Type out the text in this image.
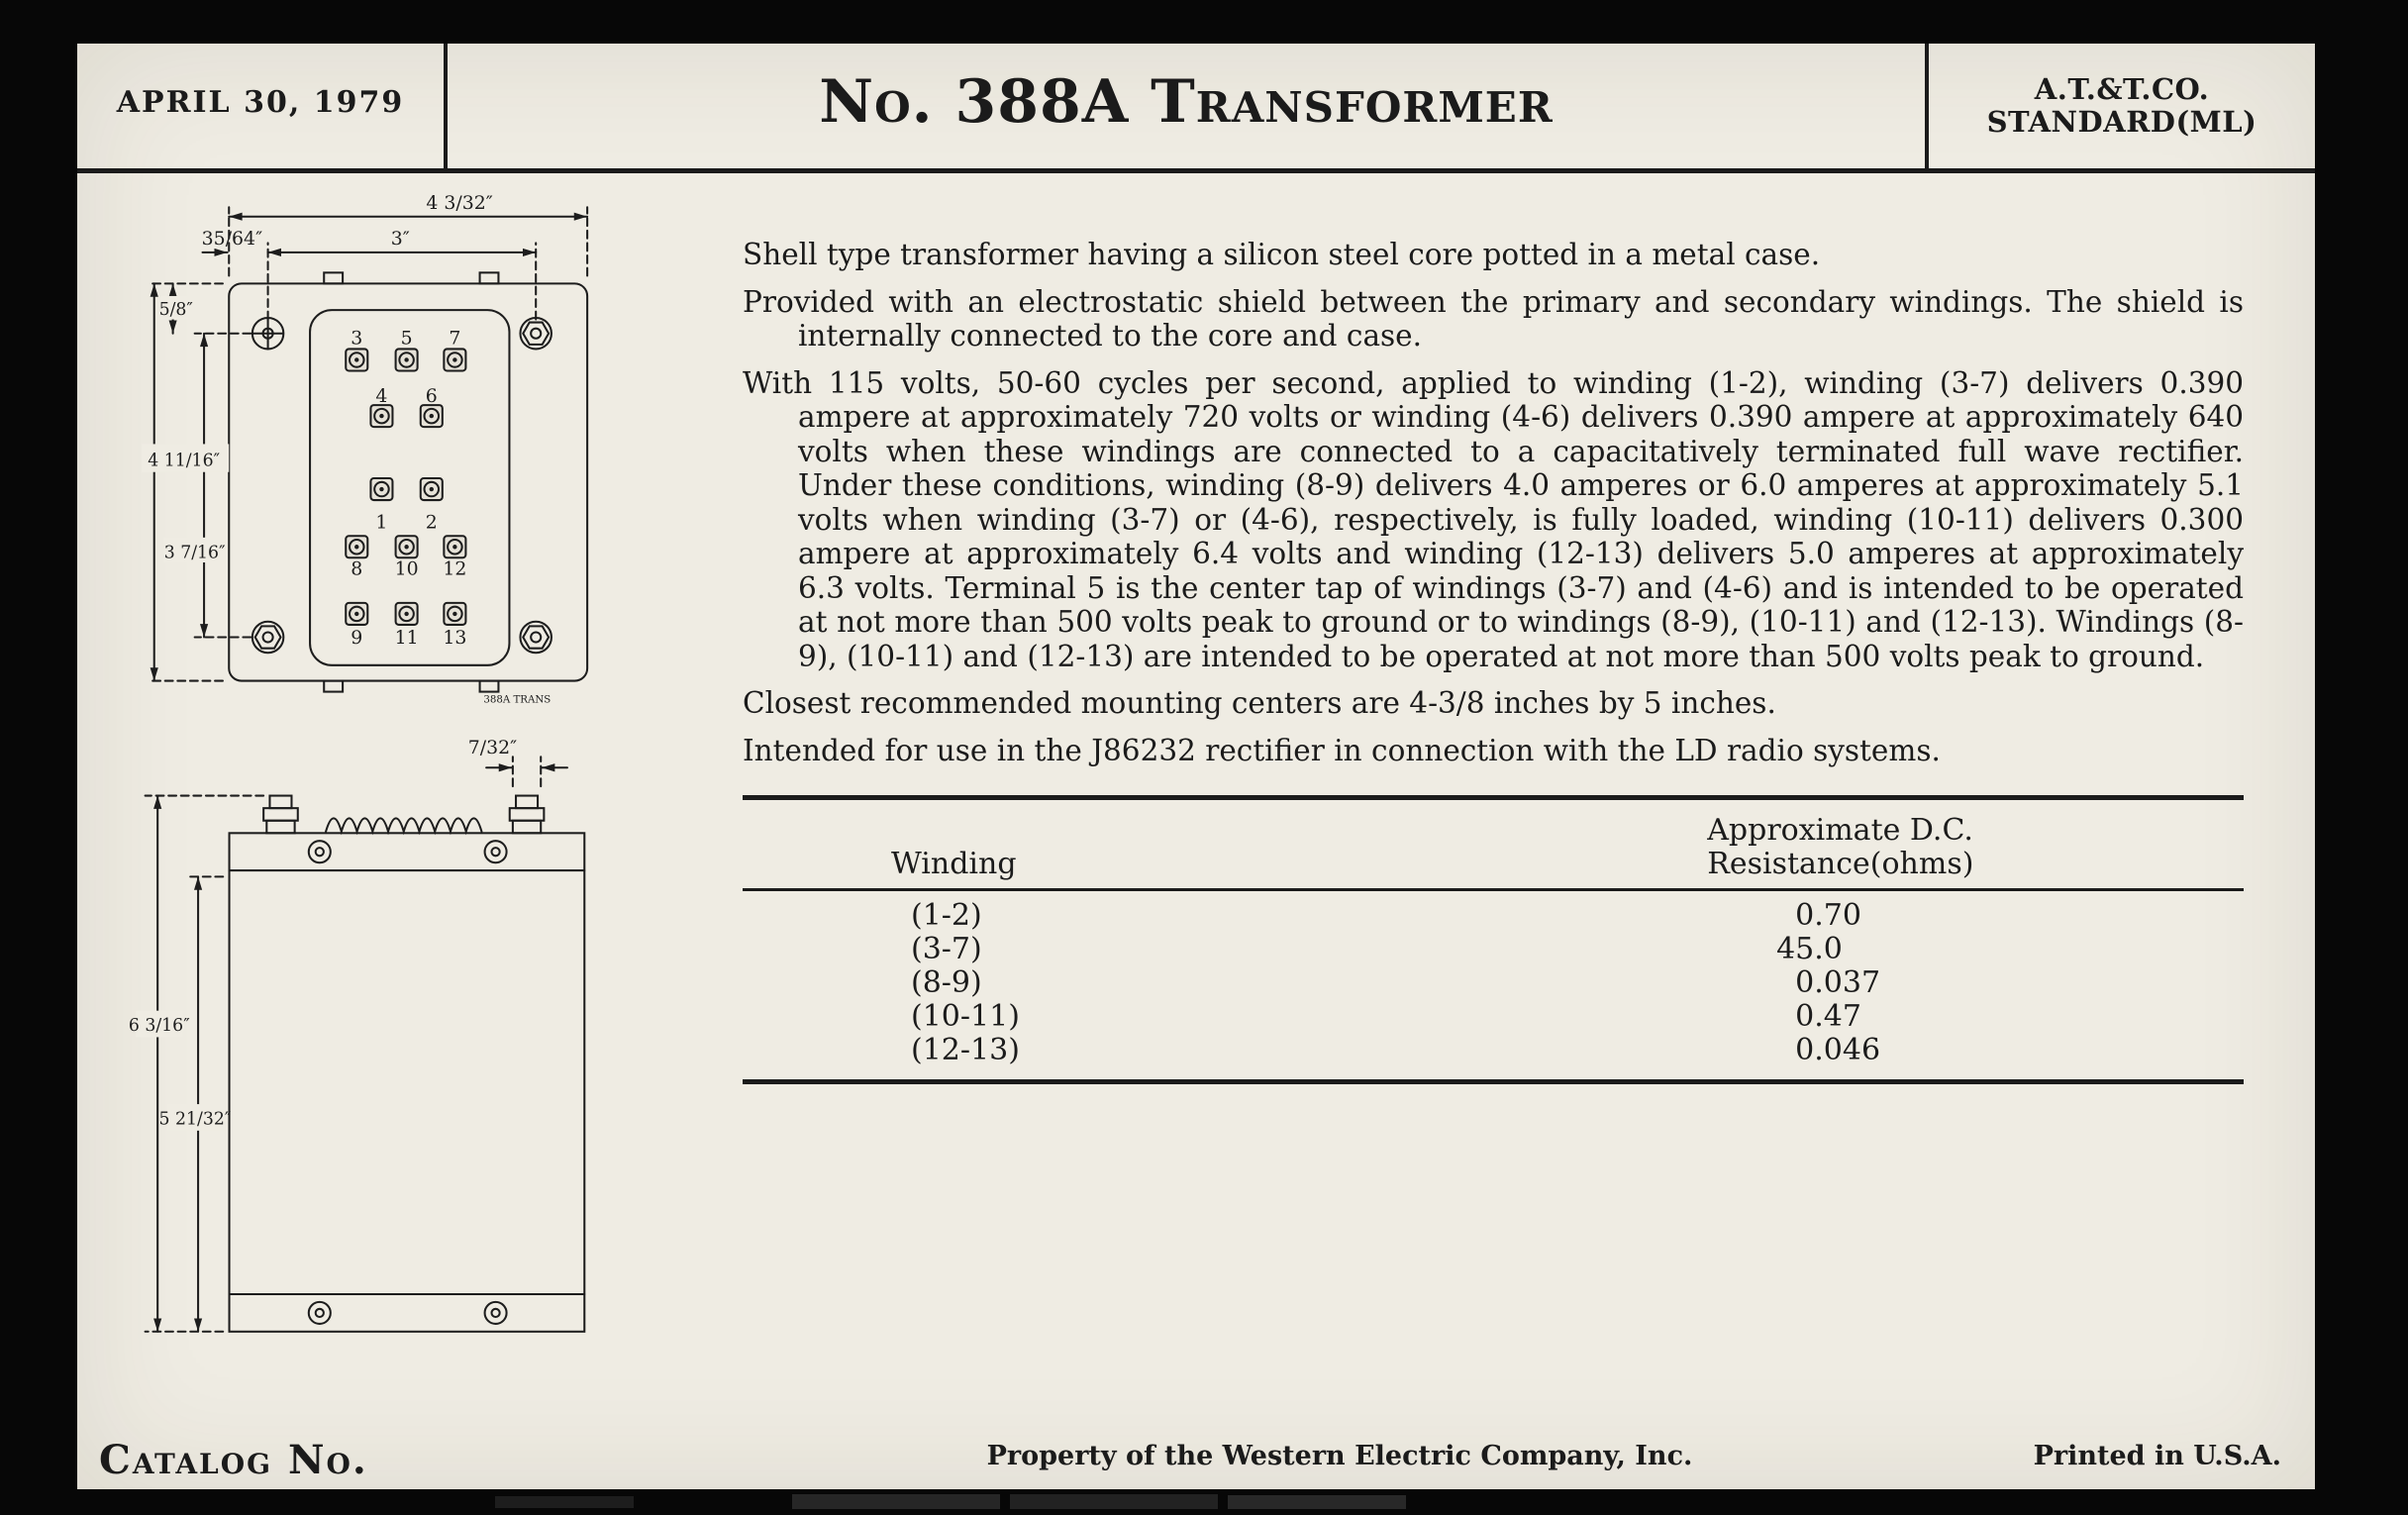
APRIL 30, 1979	No. 388A Transformer	A.T.&T.CO.
STANDARD(ML)
3	5	7
4	6
1	2
8	10 12
9	11 13
4 3/32″
3″
35/64″
5/8″
4 11/16″
3 7/16″
388A TRANS
7/32″
6 3/16″
5 21/32″

Shell type transformer having a silicon steel core potted in a metal case.

Provided with an electrostatic shield between the primary and secondary windings. The shield is internally connected to the core and case.

With 115 volts, 50-60 cycles per second, applied to winding (1-2), winding (3-7) delivers 0.390 ampere at approximately 720 volts or winding (4-6) delivers 0.390 ampere at approximately 640 volts when these windings are connected to a capacitatively terminated full wave rectifier. Under these conditions, winding (8-9) delivers 4.0 amperes or 6.0 amperes at approximately 5.1 volts when winding (3-7) or (4-6), respectively, is fully loaded, winding (10-11) delivers 0.300 ampere at approximately 6.4 volts and winding (12-13) delivers 5.0 amperes at approximately 6.3 volts. Terminal 5 is the center tap of windings (3-7) and (4-6) and is intended to be operated at not more than 500 volts peak to ground or to windings (8-9), (10-11) and (12-13). Windings (8-9), (10-11) and (12-13) are intended to be operated at not more than 500 volts peak to ground.

Closest recommended mounting centers are 4-3/8 inches by 5 inches.

Intended for use in the J86232 rectifier in connection with the LD radio systems.

Winding
Approximate D.C.
Resistance(ohms)
(1-2)	 0.70
(3-7)	45.0
(8-9)	 0.037
(10-11)	 0.47
(12-13)	 0.046
Catalog No.	Property of the Western Electric Company, Inc.	Printed in U.S.A.
